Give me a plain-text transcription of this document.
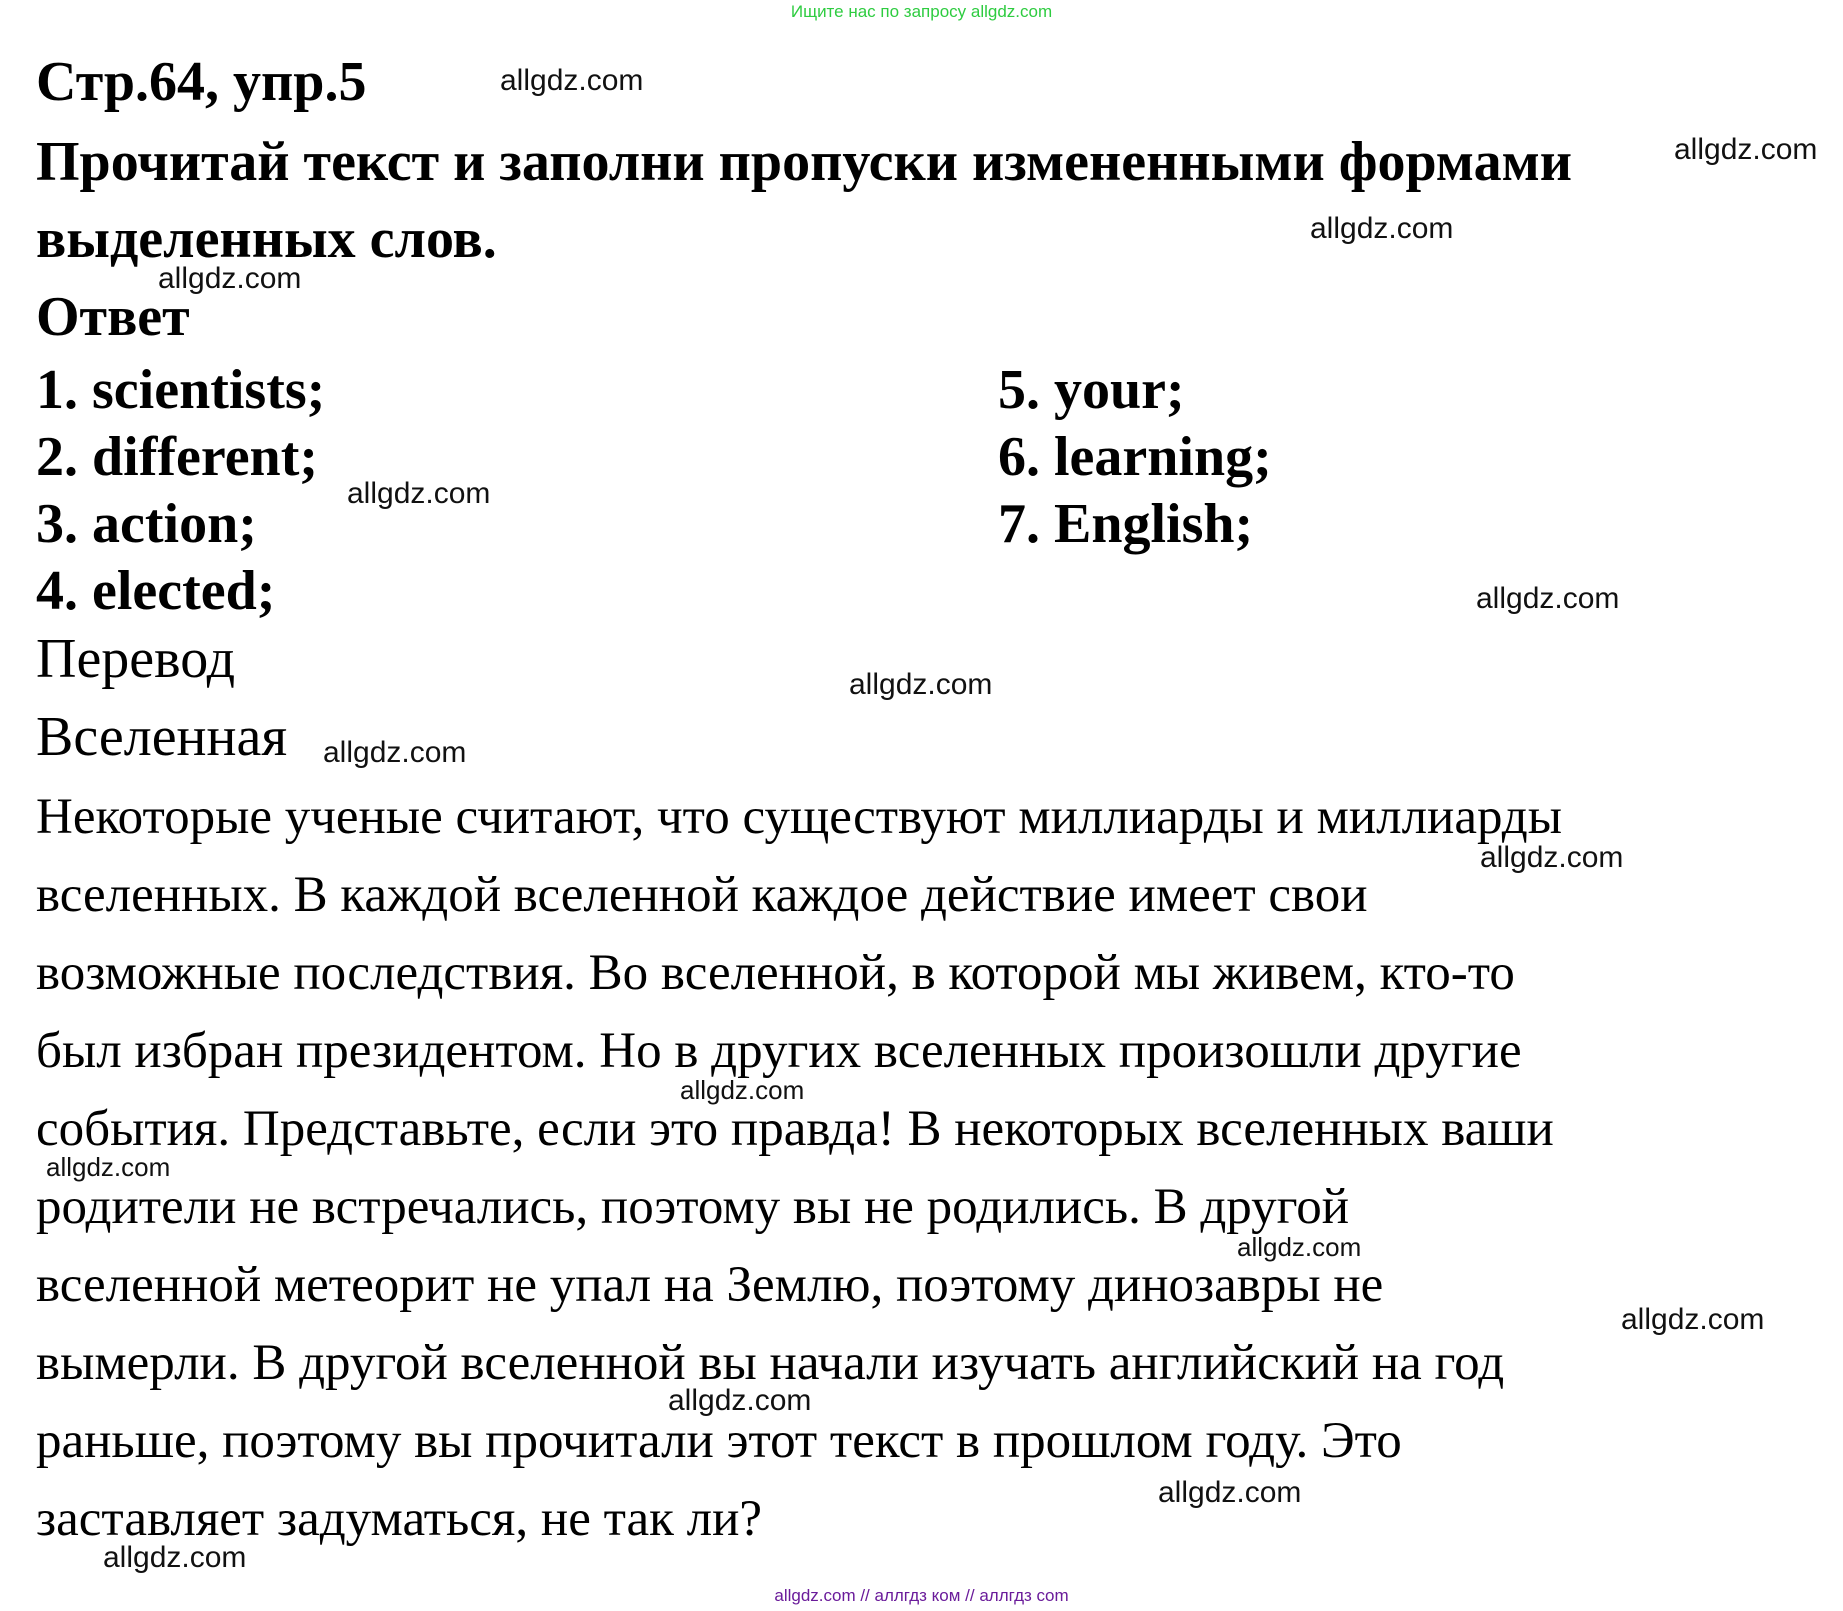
Ищите нас по запросу allgdz.com
Стр.64, упр.5
Прочитай текст и заполни пропуски измененными формами
выделенных слов.
Ответ
1. scientists;
2. different;
3. action;
4. elected;
5. your;
6. learning;
7. English;
Перевод
Вселенная
Некоторые ученые считают, что существуют миллиарды и миллиарды
вселенных. В каждой вселенной каждое действие имеет свои
возможные последствия. Во вселенной, в которой мы живем, кто-то
был избран президентом. Но в других вселенных произошли другие
события. Представьте, если это правда! В некоторых вселенных ваши
родители не встречались, поэтому вы не родились. В другой
вселенной метеорит не упал на Землю, поэтому динозавры не
вымерли. В другой вселенной вы начали изучать английский на год
раньше, поэтому вы прочитали этот текст в прошлом году. Это
заставляет задуматься, не так ли?
allgdz.com
allgdz.com
allgdz.com
allgdz.com
allgdz.com
allgdz.com
allgdz.com
allgdz.com
allgdz.com
allgdz.com
allgdz.com
allgdz.com
allgdz.com
allgdz.com
allgdz.com
allgdz.com
allgdz.com // аллгдз ком // аллгдз com
